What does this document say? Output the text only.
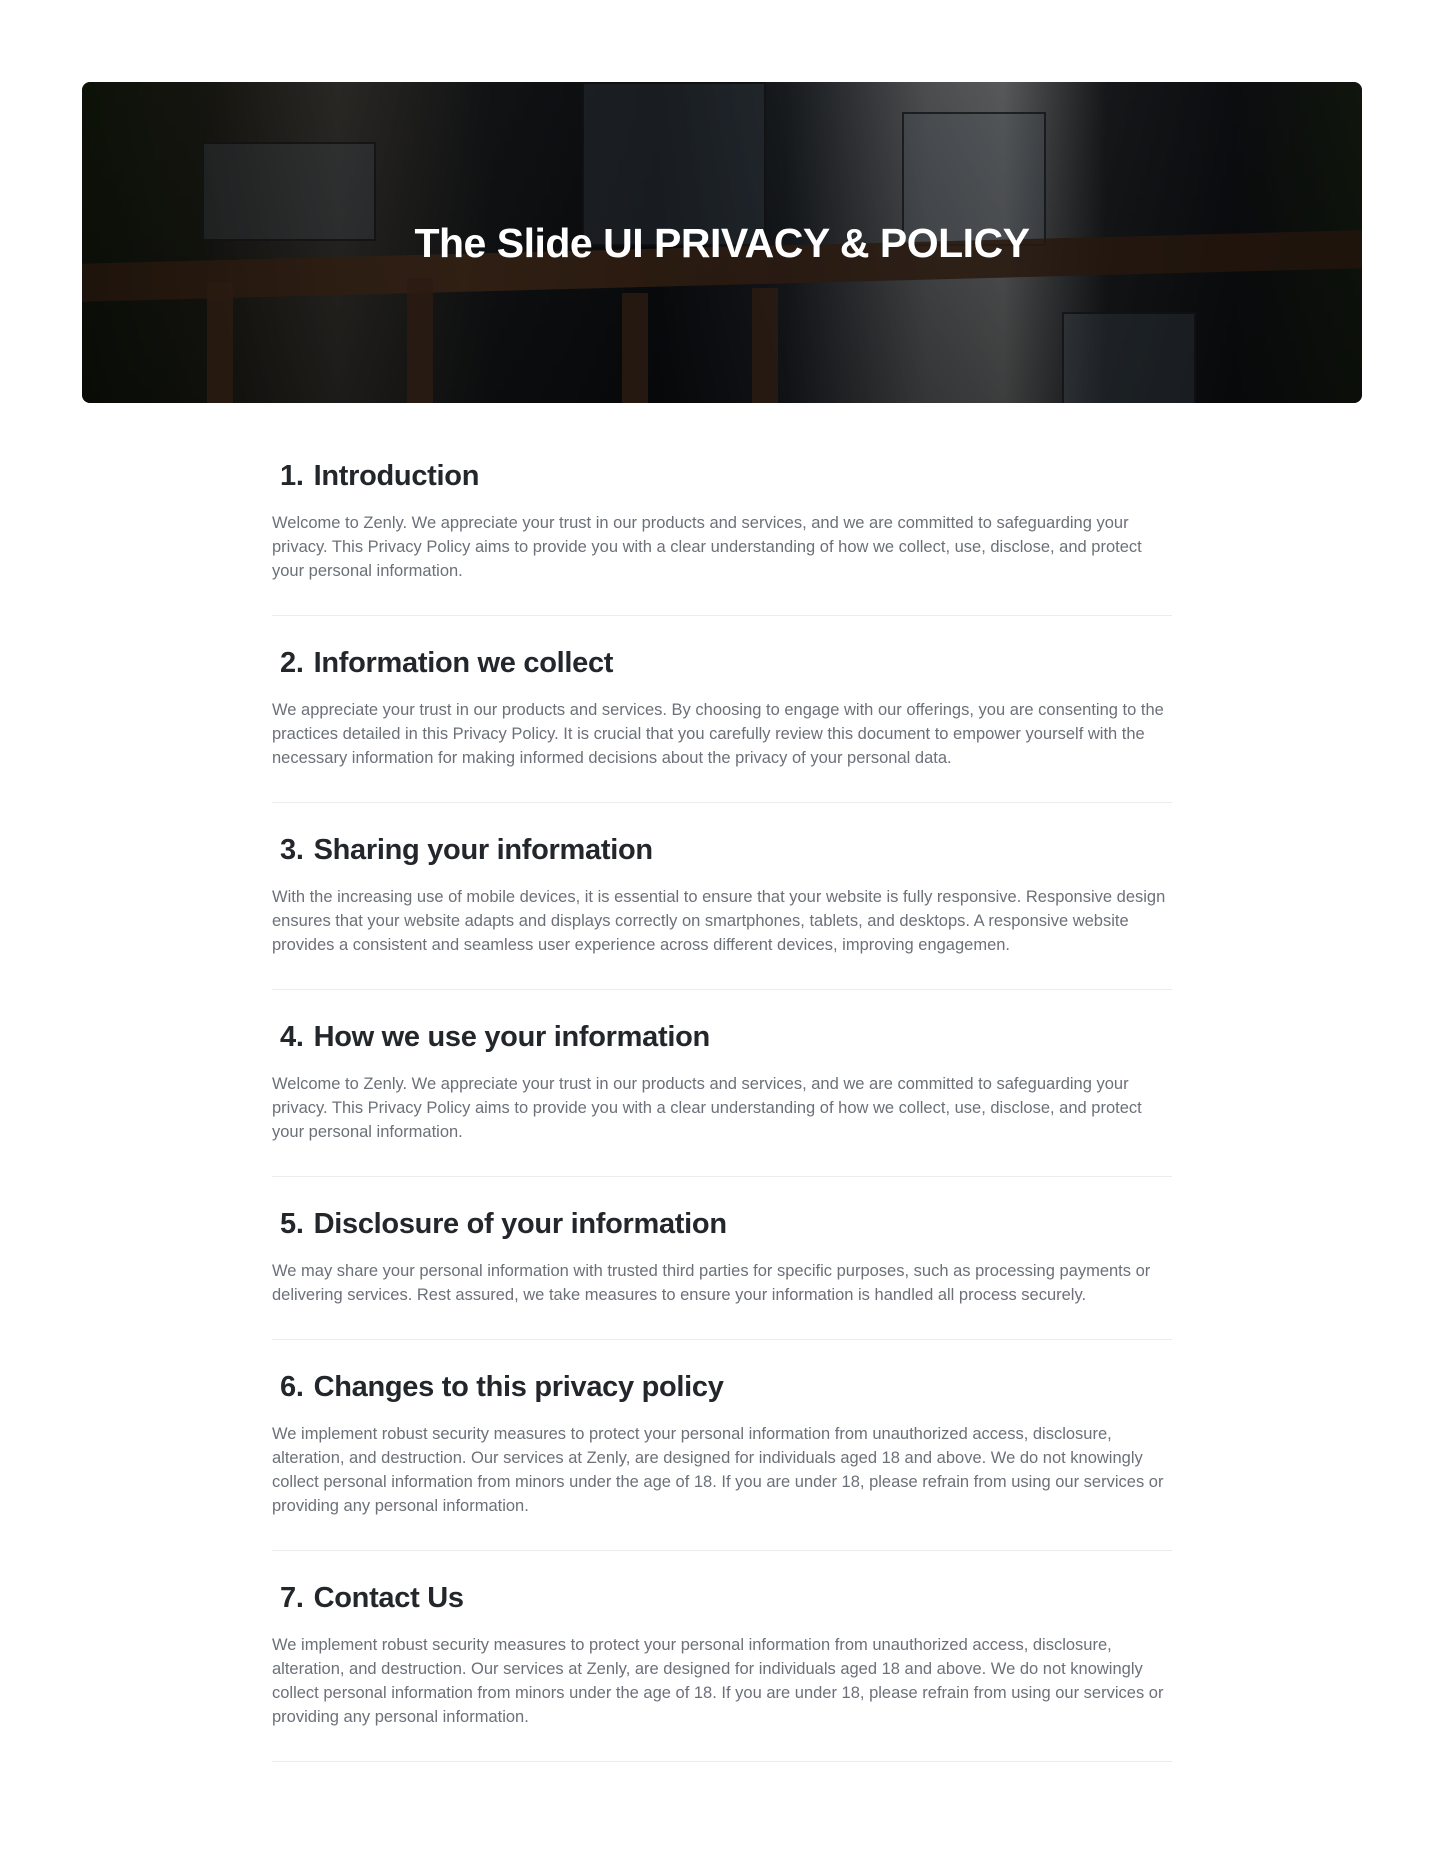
The Slide UI PRIVACY & POLICY
1. Introduction

Welcome to Zenly. We appreciate your trust in our products and services, and we are committed to safeguarding your privacy. This Privacy Policy aims to provide you with a clear understanding of how we collect, use, disclose, and protect your personal information.

2. Information we collect

We appreciate your trust in our products and services. By choosing to engage with our offerings, you are consenting to the practices detailed in this Privacy Policy. It is crucial that you carefully review this document to empower yourself with the necessary information for making informed decisions about the privacy of your personal data.

3. Sharing your information

With the increasing use of mobile devices, it is essential to ensure that your website is fully responsive. Responsive design ensures that your website adapts and displays correctly on smartphones, tablets, and desktops. A responsive website provides a consistent and seamless user experience across different devices, improving engagemen.

4. How we use your information

Welcome to Zenly. We appreciate your trust in our products and services, and we are committed to safeguarding your privacy. This Privacy Policy aims to provide you with a clear understanding of how we collect, use, disclose, and protect your personal information.

5. Disclosure of your information

We may share your personal information with trusted third parties for specific purposes, such as processing payments or delivering services. Rest assured, we take measures to ensure your information is handled all process securely.

6. Changes to this privacy policy

We implement robust security measures to protect your personal information from unauthorized access, disclosure, alteration, and destruction. Our services at Zenly, are designed for individuals aged 18 and above. We do not knowingly collect personal information from minors under the age of 18. If you are under 18, please refrain from using our services or providing any personal information.

7. Contact Us

We implement robust security measures to protect your personal information from unauthorized access, disclosure, alteration, and destruction. Our services at Zenly, are designed for individuals aged 18 and above. We do not knowingly collect personal information from minors under the age of 18. If you are under 18, please refrain from using our services or providing any personal information.
